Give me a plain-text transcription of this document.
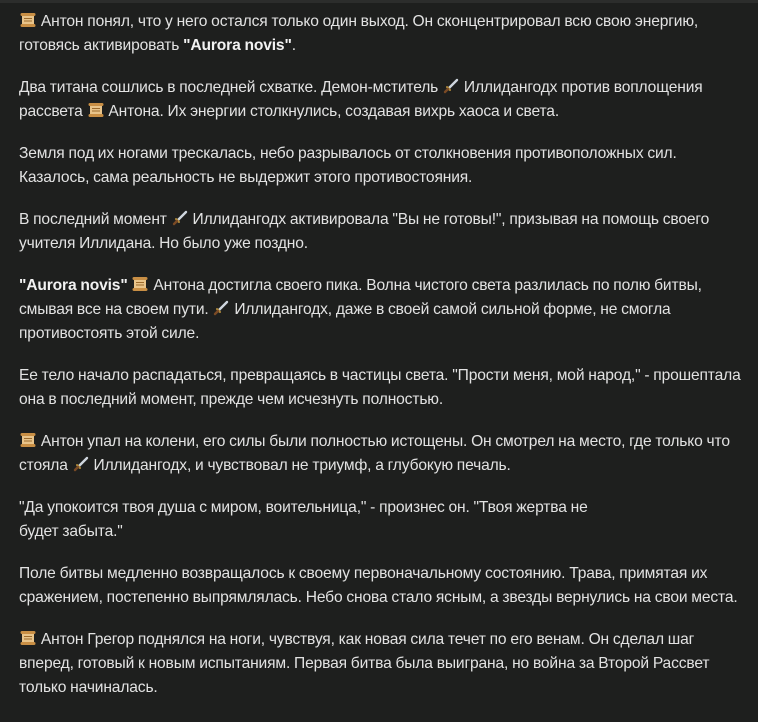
Антон понял, что у него остался только один выход. Он сконцентрировал всю свою энергию, готовясь активировать "Aurora novis".

Два титана сошлись в последней схватке. Демон-мститель  Иллидангодх против воплощения рассвета  Антона. Их энергии столкнулись, создавая вихрь хаоса и света.

Земля под их ногами трескалась, небо разрывалось от столкновения противоположных сил. Казалось, сама реальность не выдержит этого противостояния.

В последний момент  Иллидангодх активировала "Вы не готовы!", призывая на помощь своего учителя Иллидана. Но было уже поздно.

"Aurora novis"  Антона достигла своего пика. Волна чистого света разлилась по полю битвы, смывая все на своем пути.  Иллидангодх, даже в своей самой сильной форме, не смогла противостоять этой силе.

Ее тело начало распадаться, превращаясь в частицы света. "Прости меня, мой народ," - прошептала она в последний момент, прежде чем исчезнуть полностью.

Антон упал на колени, его силы были полностью истощены. Он смотрел на место, где только что стояла  Иллидангодх, и чувствовал не триумф, а глубокую печаль.

"Да упокоится твоя душа с миром, воительница," - произнес он. "Твоя жертва не
будет забыта."

Поле битвы медленно возвращалось к своему первоначальному состоянию. Трава, примятая их сражением, постепенно выпрямлялась. Небо снова стало ясным, а звезды вернулись на свои места.

Антон Грегор поднялся на ноги, чувствуя, как новая сила течет по его венам. Он сделал шаг вперед, готовый к новым испытаниям. Первая битва была выиграна, но война за Второй Рассвет только начиналась.
